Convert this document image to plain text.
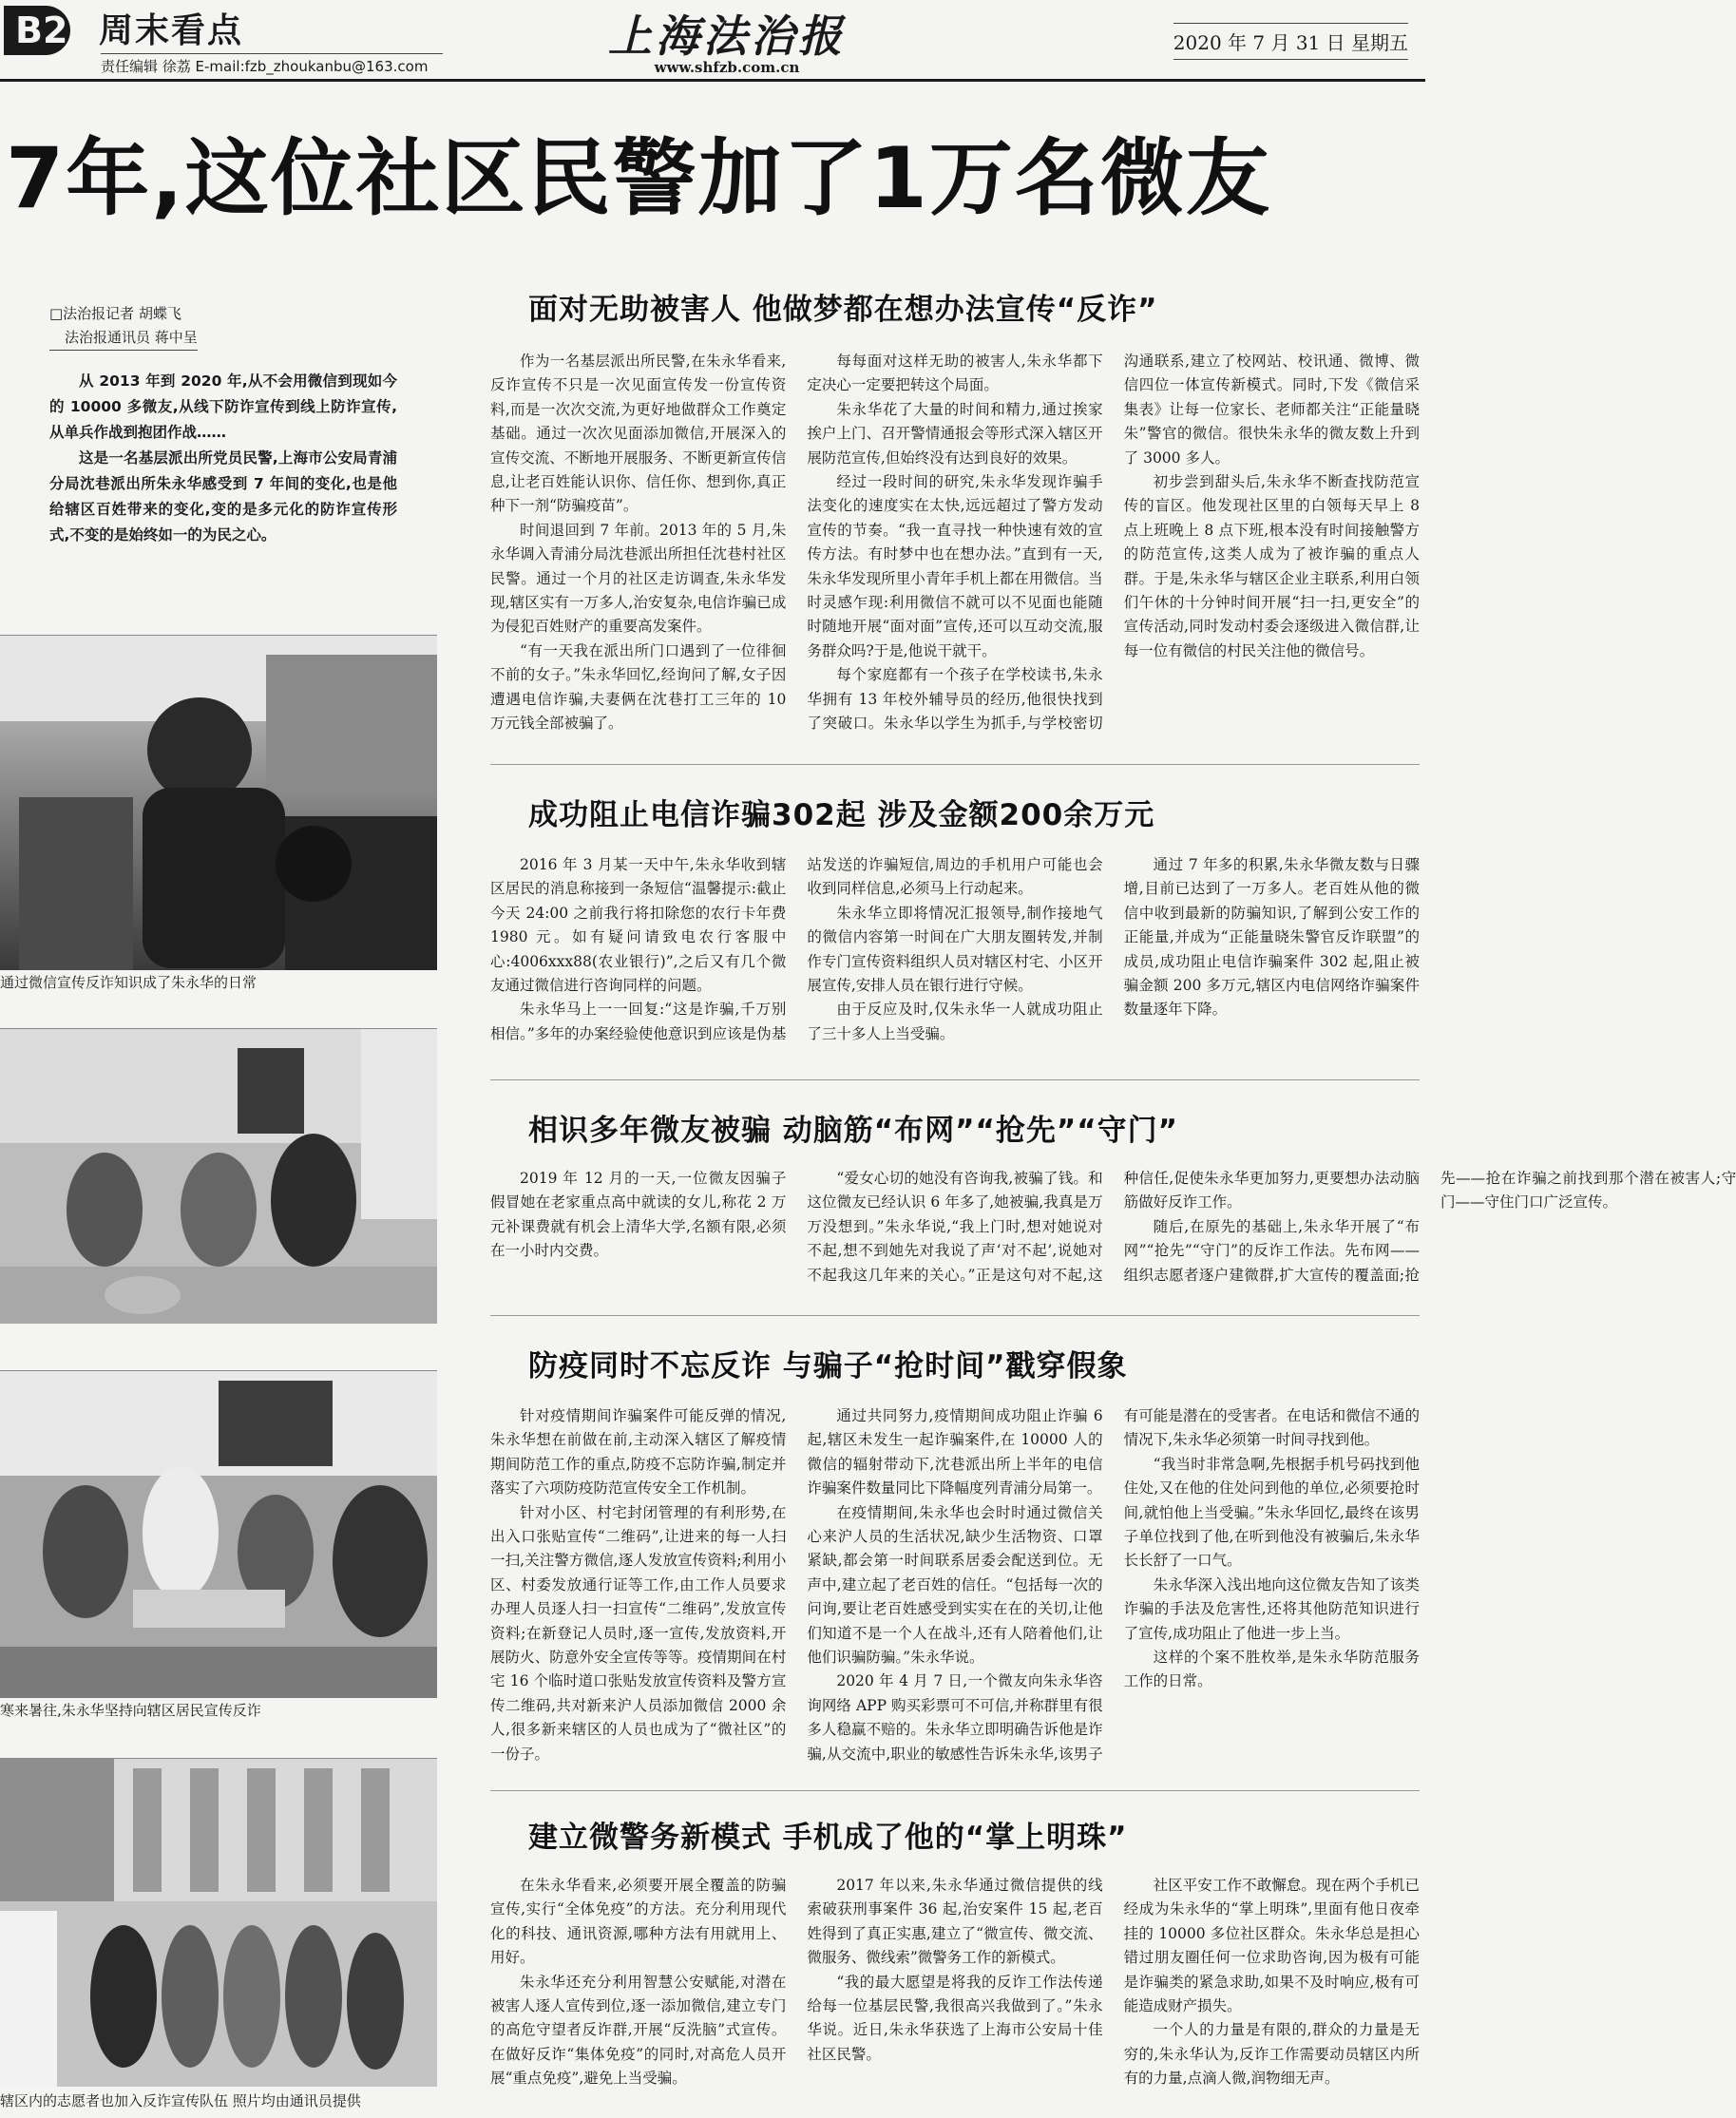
B2 周末看点
责任编辑 徐荔 E-mail:fzb_zhoukanbu@163.com
上海法治报
www.shfzb.com.cn
2020 年 7 月 31 日 星期五
7年,这位社区民警加了1万名微友
□法治报记者 胡蝶飞
法治报通讯员 蒋中呈

从 2013 年到 2020 年,从不会用微信到现如今的 10000 多微友,从线下防诈宣传到线上防诈宣传,从单兵作战到抱团作战……

这是一名基层派出所党员民警,上海市公安局青浦分局沈巷派出所朱永华感受到 7 年间的变化,也是他给辖区百姓带来的变化,变的是多元化的防诈宣传形式,不变的是始终如一的为民之心。

通过微信宣传反诈知识成了朱永华的日常
寒来暑往,朱永华坚持向辖区居民宣传反诈
辖区内的志愿者也加入反诈宣传队伍 照片均由通讯员提供
面对无助被害人 他做梦都在想办法宣传“反诈”

作为一名基层派出所民警,在朱永华看来,反诈宣传不只是一次见面宣传发一份宣传资料,而是一次次交流,为更好地做群众工作奠定基础。通过一次次见面添加微信,开展深入的宣传交流、不断地开展服务、不断更新宣传信息,让老百姓能认识你、信任你、想到你,真正种下一剂“防骗疫苗”。

时间退回到 7 年前。2013 年的 5 月,朱永华调入青浦分局沈巷派出所担任沈巷村社区民警。通过一个月的社区走访调查,朱永华发现,辖区实有一万多人,治安复杂,电信诈骗已成为侵犯百姓财产的重要高发案件。

“有一天我在派出所门口遇到了一位徘徊不前的女子。”朱永华回忆,经询问了解,女子因遭遇电信诈骗,夫妻俩在沈巷打工三年的 10 万元钱全部被骗了。

每每面对这样无助的被害人,朱永华都下定决心一定要把转这个局面。

朱永华花了大量的时间和精力,通过挨家挨户上门、召开警情通报会等形式深入辖区开展防范宣传,但始终没有达到良好的效果。

经过一段时间的研究,朱永华发现诈骗手法变化的速度实在太快,远远超过了警方发动宣传的节奏。“我一直寻找一种快速有效的宣传方法。有时梦中也在想办法。”直到有一天,朱永华发现所里小青年手机上都在用微信。当时灵感乍现:利用微信不就可以不见面也能随时随地开展“面对面”宣传,还可以互动交流,服务群众吗?于是,他说干就干。

每个家庭都有一个孩子在学校读书,朱永华拥有 13 年校外辅导员的经历,他很快找到了突破口。朱永华以学生为抓手,与学校密切沟通联系,建立了校网站、校讯通、微博、微信四位一体宣传新模式。同时,下发《微信采集表》让每一位家长、老师都关注“正能量晓朱”警官的微信。很快朱永华的微友数上升到了 3000 多人。

初步尝到甜头后,朱永华不断查找防范宣传的盲区。他发现社区里的白领每天早上 8 点上班晚上 8 点下班,根本没有时间接触警方的防范宣传,这类人成为了被诈骗的重点人群。于是,朱永华与辖区企业主联系,利用白领们午休的十分钟时间开展“扫一扫,更安全”的宣传活动,同时发动村委会逐级进入微信群,让每一位有微信的村民关注他的微信号。

成功阻止电信诈骗302起 涉及金额200余万元

2016 年 3 月某一天中午,朱永华收到辖区居民的消息称接到一条短信“温馨提示:截止今天 24:00 之前我行将扣除您的农行卡年费 1980 元。如有疑问请致电农行客服中心:4006xxx88(农业银行)”,之后又有几个微友通过微信进行咨询同样的问题。

朱永华马上一一回复:“这是诈骗,千万别相信。”多年的办案经验使他意识到应该是伪基站发送的诈骗短信,周边的手机用户可能也会收到同样信息,必须马上行动起来。

朱永华立即将情况汇报领导,制作接地气的微信内容第一时间在广大朋友圈转发,并制作专门宣传资料组织人员对辖区村宅、小区开展宣传,安排人员在银行进行守候。

由于反应及时,仅朱永华一人就成功阻止了三十多人上当受骗。

通过 7 年多的积累,朱永华微友数与日骤增,目前已达到了一万多人。老百姓从他的微信中收到最新的防骗知识,了解到公安工作的正能量,并成为“正能量晓朱警官反诈联盟”的成员,成功阻止电信诈骗案件 302 起,阻止被骗金额 200 多万元,辖区内电信网络诈骗案件数量逐年下降。

相识多年微友被骗 动脑筋“布网”“抢先”“守门”

2019 年 12 月的一天,一位微友因骗子假冒她在老家重点高中就读的女儿,称花 2 万元补课费就有机会上清华大学,名额有限,必须在一小时内交费。

“爱女心切的她没有咨询我,被骗了钱。和这位微友已经认识 6 年多了,她被骗,我真是万万没想到。”朱永华说,“我上门时,想对她说对不起,想不到她先对我说了声‘对不起’,说她对不起我这几年来的关心。”正是这句对不起,这种信任,促使朱永华更加努力,更要想办法动脑筋做好反诈工作。

随后,在原先的基础上,朱永华开展了“布网”“抢先”“守门”的反诈工作法。先布网——组织志愿者逐户建微群,扩大宣传的覆盖面;抢先——抢在诈骗之前找到那个潜在被害人;守门——守住门口广泛宣传。

防疫同时不忘反诈 与骗子“抢时间”戳穿假象

针对疫情期间诈骗案件可能反弹的情况,朱永华想在前做在前,主动深入辖区了解疫情期间防范工作的重点,防疫不忘防诈骗,制定并落实了六项防疫防范宣传安全工作机制。

针对小区、村宅封闭管理的有利形势,在出入口张贴宣传“二维码”,让进来的每一人扫一扫,关注警方微信,逐人发放宣传资料;利用小区、村委发放通行证等工作,由工作人员要求办理人员逐人扫一扫宣传“二维码”,发放宣传资料;在新登记人员时,逐一宣传,发放资料,开展防火、防意外安全宣传等等。疫情期间在村宅 16 个临时道口张贴发放宣传资料及警方宣传二维码,共对新来沪人员添加微信 2000 余人,很多新来辖区的人员也成为了“微社区”的一份子。

通过共同努力,疫情期间成功阻止诈骗 6 起,辖区未发生一起诈骗案件,在 10000 人的微信的辐射带动下,沈巷派出所上半年的电信诈骗案件数量同比下降幅度列青浦分局第一。

在疫情期间,朱永华也会时时通过微信关心来沪人员的生活状况,缺少生活物资、口罩紧缺,都会第一时间联系居委会配送到位。无声中,建立起了老百姓的信任。“包括每一次的问询,要让老百姓感受到实实在在的关切,让他们知道不是一个人在战斗,还有人陪着他们,让他们识骗防骗。”朱永华说。

2020 年 4 月 7 日,一个微友向朱永华咨询网络 APP 购买彩票可不可信,并称群里有很多人稳赢不赔的。朱永华立即明确告诉他是诈骗,从交流中,职业的敏感性告诉朱永华,该男子有可能是潜在的受害者。在电话和微信不通的情况下,朱永华必须第一时间寻找到他。

“我当时非常急啊,先根据手机号码找到他住处,又在他的住处问到他的单位,必须要抢时间,就怕他上当受骗。”朱永华回忆,最终在该男子单位找到了他,在听到他没有被骗后,朱永华长长舒了一口气。

朱永华深入浅出地向这位微友告知了该类诈骗的手法及危害性,还将其他防范知识进行了宣传,成功阻止了他进一步上当。

这样的个案不胜枚举,是朱永华防范服务工作的日常。

建立微警务新模式 手机成了他的“掌上明珠”

在朱永华看来,必须要开展全覆盖的防骗宣传,实行“全体免疫”的方法。充分利用现代化的科技、通讯资源,哪种方法有用就用上、用好。

朱永华还充分利用智慧公安赋能,对潜在被害人逐人宣传到位,逐一添加微信,建立专门的高危守望者反诈群,开展“反洗脑”式宣传。在做好反诈“集体免疫”的同时,对高危人员开展“重点免疫”,避免上当受骗。

2017 年以来,朱永华通过微信提供的线索破获刑事案件 36 起,治安案件 15 起,老百姓得到了真正实惠,建立了“微宣传、微交流、微服务、微线索”微警务工作的新模式。

“我的最大愿望是将我的反诈工作法传递给每一位基层民警,我很高兴我做到了。”朱永华说。近日,朱永华获选了上海市公安局十佳社区民警。

社区平安工作不敢懈怠。现在两个手机已经成为朱永华的“掌上明珠”,里面有他日夜牵挂的 10000 多位社区群众。朱永华总是担心错过朋友圈任何一位求助咨询,因为极有可能是诈骗类的紧急求助,如果不及时响应,极有可能造成财产损失。

一个人的力量是有限的,群众的力量是无穷的,朱永华认为,反诈工作需要动员辖区内所有的力量,点滴人微,润物细无声。
